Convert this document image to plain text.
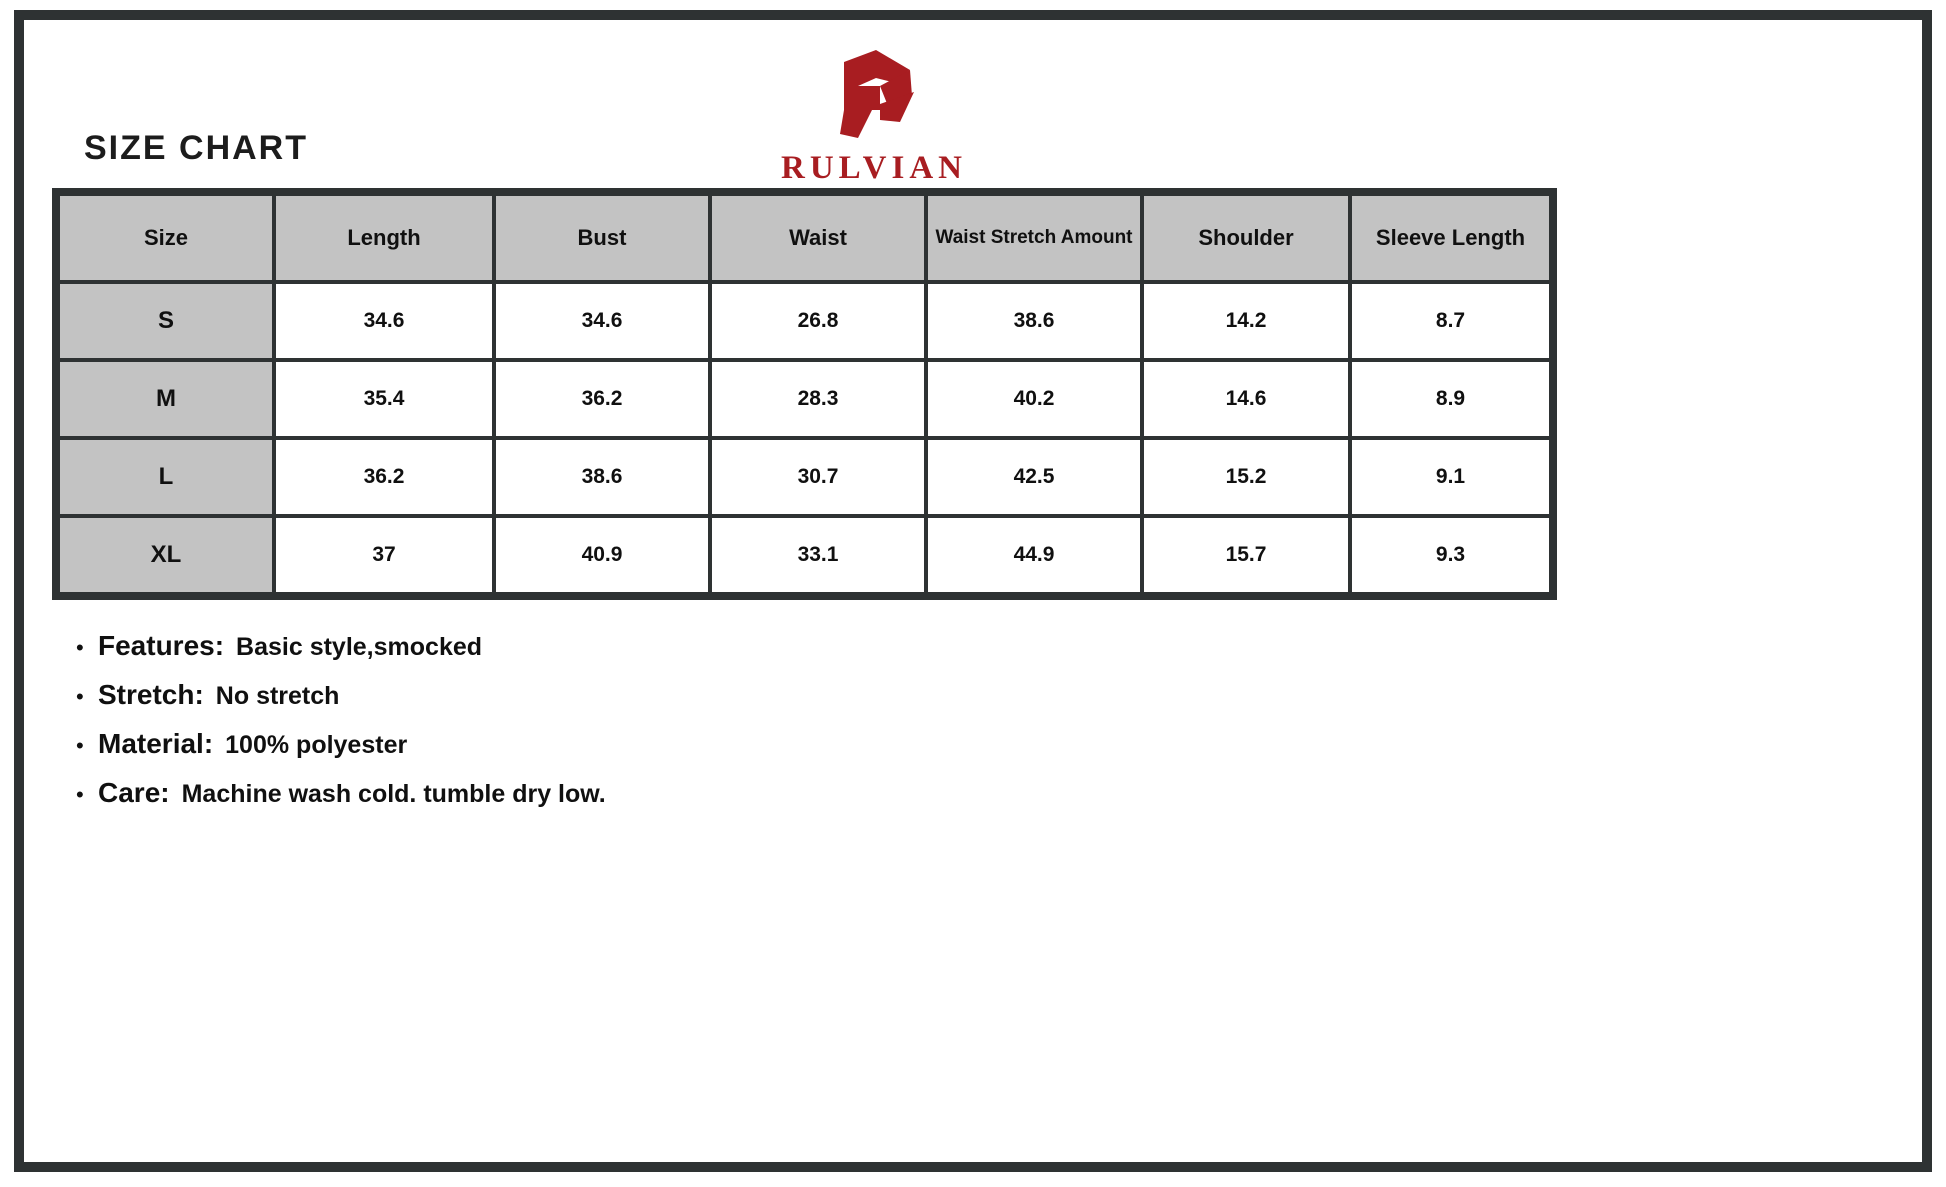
SIZE CHART
RULVIAN
Size	Length	Bust	Waist	Waist Stretch Amount	Shoulder	Sleeve Length
S	34.6	34.6	26.8	38.6	14.2	8.7
M	35.4	36.2	28.3	40.2	14.6	8.9
L	36.2	38.6	30.7	42.5	15.2	9.1
XL	37	40.9	33.1	44.9	15.7	9.3
• Features: Basic style,smocked
• Stretch: No stretch
• Material: 100% polyester
• Care: Machine wash cold. tumble dry low.
